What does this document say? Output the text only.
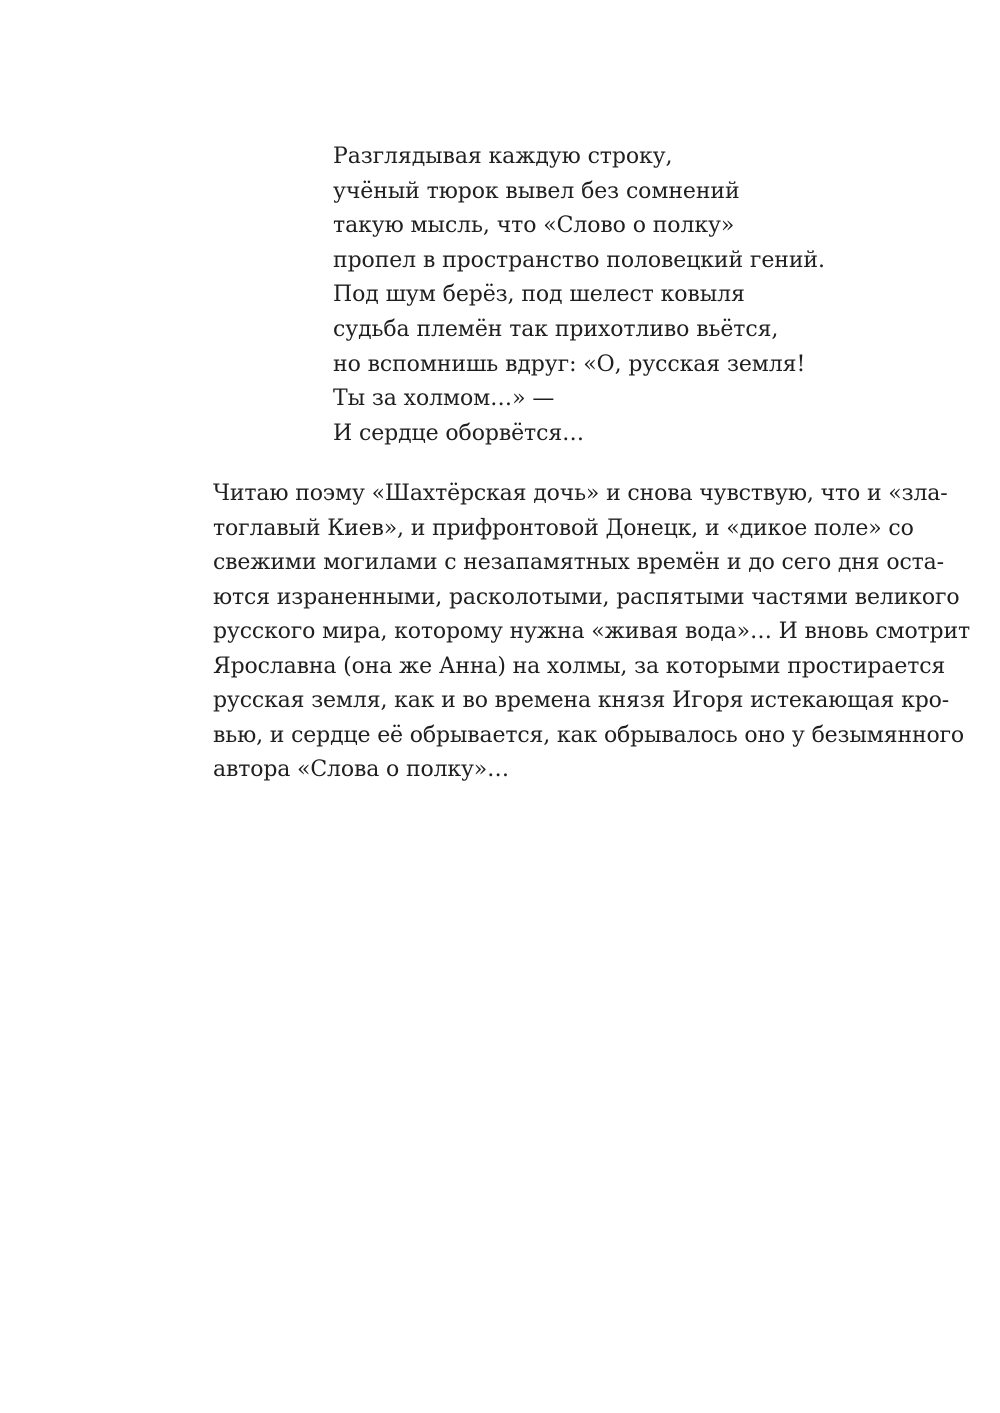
Разглядывая каждую строку,
учёный тюрок вывел без сомнений
такую мысль, что «Слово о полку»
пропел в пространство половецкий гений.
Под шум берёз, под шелест ковыля
судьба племён так прихотливо вьётся,
но вспомнишь вдруг: «О, русская земля!
Ты за холмом…» —
И сердце оборвётся…
Читаю поэму «Шахтёрская дочь» и снова чувствую, что и «зла-
тоглавый Киев», и прифронтовой Донецк, и «дикое поле» со
свежими могилами с незапамятных времён и до сего дня оста-
ются израненными, расколотыми, распятыми частями великого
русского мира, которому нужна «живая вода»… И вновь смотрит
Ярославна (она же Анна) на холмы, за которыми простирается
русская земля, как и во времена князя Игоря истекающая кро-
вью, и сердце её обрывается, как обрывалось оно у безымянного
автора «Слова о полку»…
